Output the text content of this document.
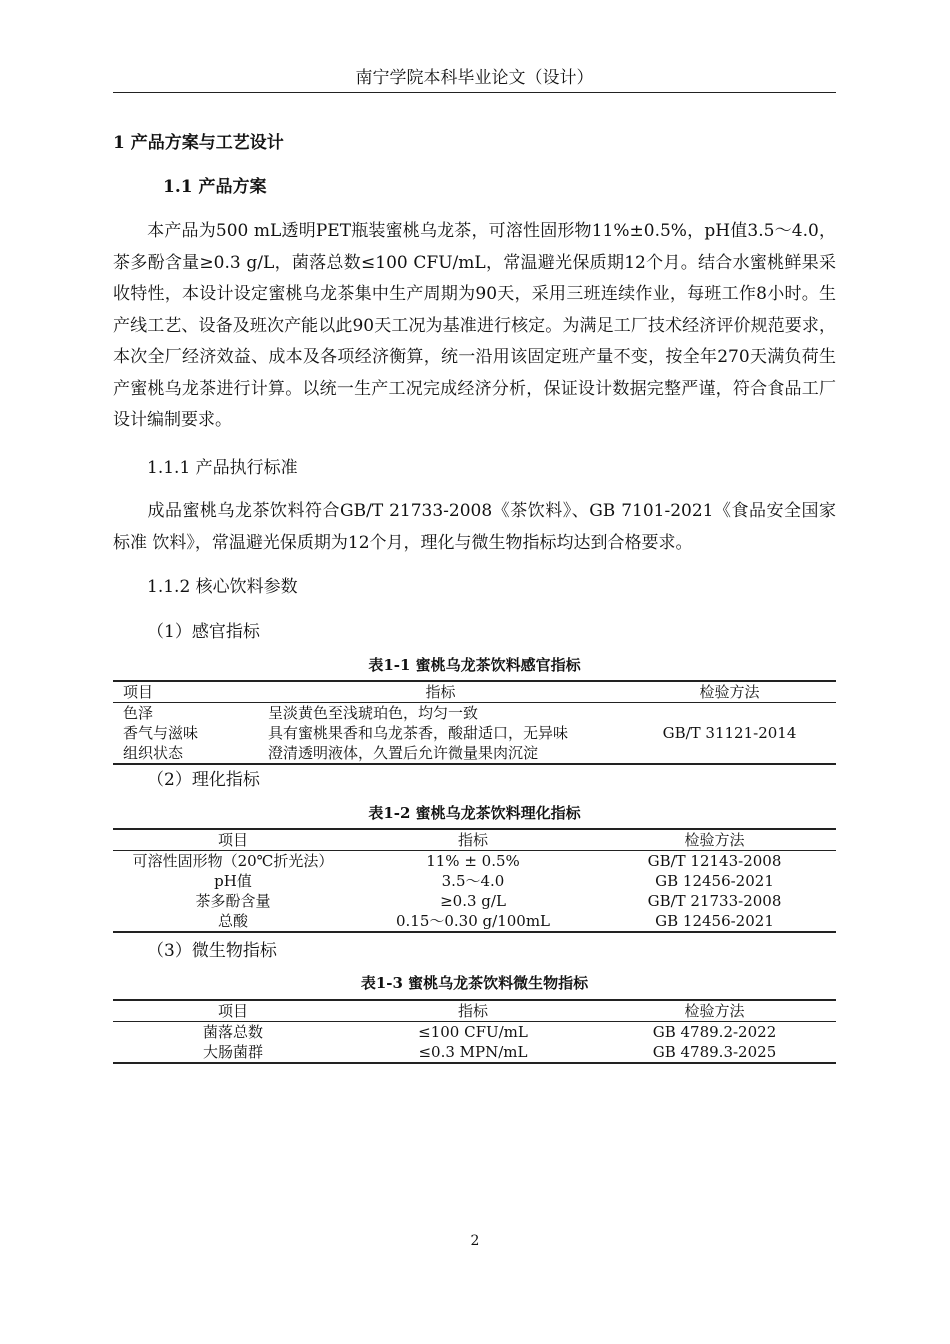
南宁学院本科毕业论文（设计）
1 产品方案与工艺设计
1.1 产品方案
本产品为500 mL透明PET瓶装蜜桃乌龙茶，可溶性固形物11%±0.5%，pH值3.5～4.0，茶多酚含量≥0.3 g/L，菌落总数≤100 CFU/mL，常温避光保质期12个月。结合水蜜桃鲜果采收特性，本设计设定蜜桃乌龙茶集中生产周期为90天，采用三班连续作业，每班工作8小时。生产线工艺、设备及班次产能以此90天工况为基准进行核定。为满足工厂技术经济评价规范要求，本次全厂经济效益、成本及各项经济衡算，统一沿用该固定班产量不变，按全年270天满负荷生产蜜桃乌龙茶进行计算。以统一生产工况完成经济分析，保证设计数据完整严谨，符合食品工厂设计编制要求。
1.1.1 产品执行标准
成品蜜桃乌龙茶饮料符合GB/T 21733-2008《茶饮料》、GB 7101-2021《食品安全国家标准 饮料》，常温避光保质期为12个月，理化与微生物指标均达到合格要求。
1.1.2 核心饮料参数
（1）感官指标
表1-1 蜜桃乌龙茶饮料感官指标
项目	指标	检验方法
色泽	呈淡黄色至浅琥珀色，均匀一致	GB/T 31121-2014
香气与滋味	具有蜜桃果香和乌龙茶香，酸甜适口，无异味	
组织状态	澄清透明液体，久置后允许微量果肉沉淀	
（2）理化指标
表1-2 蜜桃乌龙茶饮料理化指标
项目	指标	检验方法
可溶性固形物（20℃折光法）	11% ± 0.5%	GB/T 12143-2008
pH值	3.5～4.0	GB 12456-2021
茶多酚含量	≥0.3 g/L	GB/T 21733-2008
总酸	0.15～0.30 g/100mL	GB 12456-2021
（3）微生物指标
表1-3 蜜桃乌龙茶饮料微生物指标
项目	指标	检验方法
菌落总数	≤100 CFU/mL	GB 4789.2-2022
大肠菌群	≤0.3 MPN/mL	GB 4789.3-2025
2
